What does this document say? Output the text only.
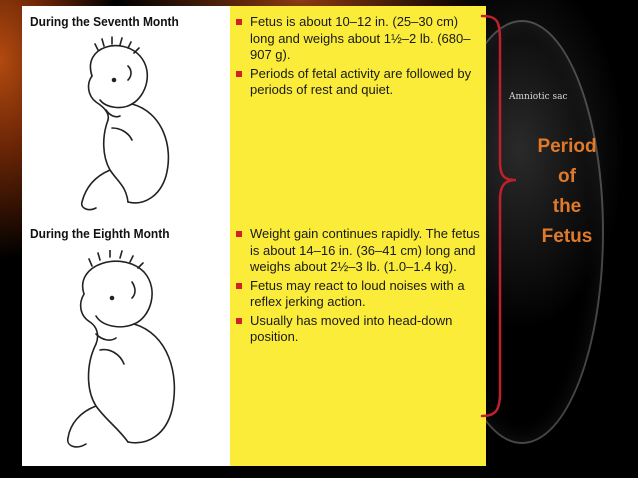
Amniotic sac
During the Seventh Month	Fetus is about 10–12 in. (25–30 cm) long and weighs about 1½–2 lb. (680–907 g).
Periods of fetal activity are followed by periods of rest and quiet.
During the Eighth Month	Weight gain continues rapidly. The fetus is about 14–16 in. (36–41 cm) long and weighs about 2½–3 lb. (1.0–1.4 kg).
Fetus may react to loud noises with a reflex jerking action.
Usually has moved into head-down position.
Period
of
the
Fetus
